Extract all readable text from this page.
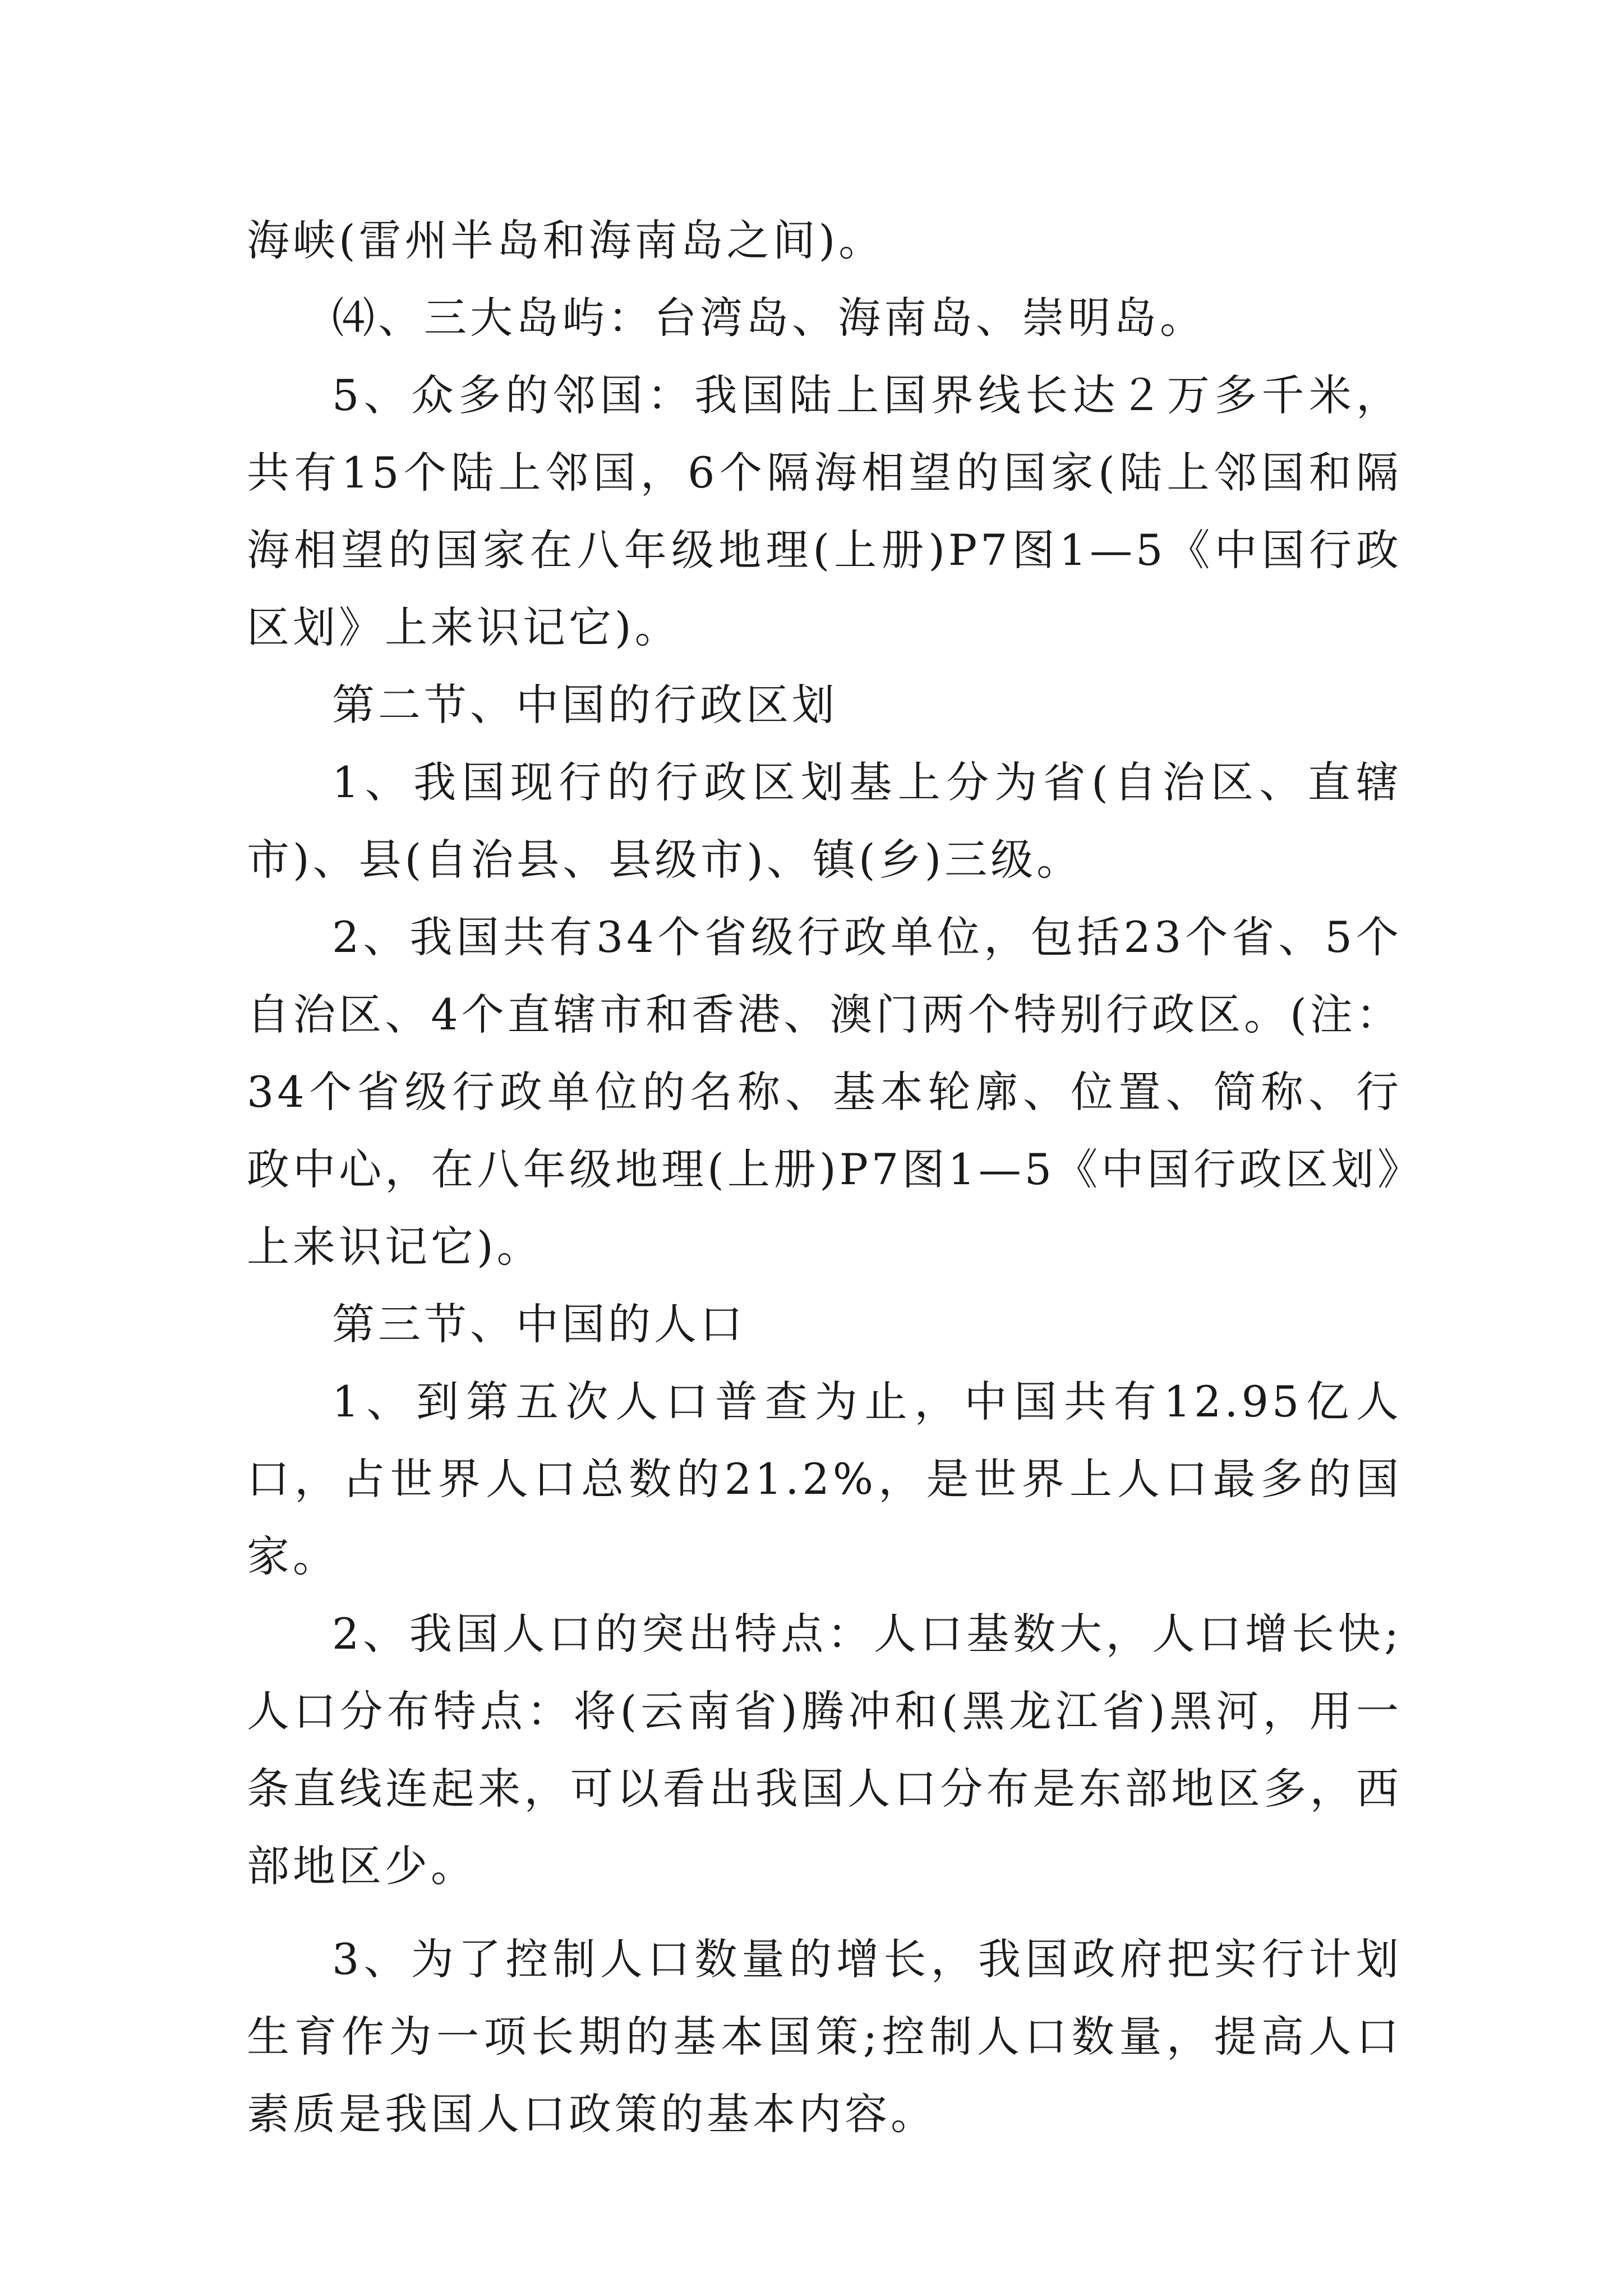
海峡(雷州半岛和海南岛之间)。

⑷、三大岛屿：台湾岛、海南岛、崇明岛。

5、众多的邻国：我国陆上国界线长达２万多千米，共有15个陆上邻国，6个隔海相望的国家(陆上邻国和隔海相望的国家在八年级地理(上册)P7图1—5《中国行政区划》上来识记它)。

第二节、中国的行政区划

1、我国现行的行政区划基上分为省(自治区、直辖市)、县(自治县、县级市)、镇(乡)三级。

2、我国共有34个省级行政单位，包括23个省、5个自治区、4个直辖市和香港、澳门两个特别行政区。(注：34个省级行政单位的名称、基本轮廓、位置、简称、行政中心，在八年级地理(上册)P7图1—5《中国行政区划》上来识记它)。

第三节、中国的人口

1、到第五次人口普查为止，中国共有12.95亿人口，占世界人口总数的21.2%，是世界上人口最多的国家。

2、我国人口的突出特点：人口基数大，人口增长快;人口分布特点：将(云南省)腾冲和(黑龙江省)黑河，用一条直线连起来，可以看出我国人口分布是东部地区多，西部地区少。

3、为了控制人口数量的增长，我国政府把实行计划生育作为一项长期的基本国策;控制人口数量，提高人口素质是我国人口政策的基本内容。
